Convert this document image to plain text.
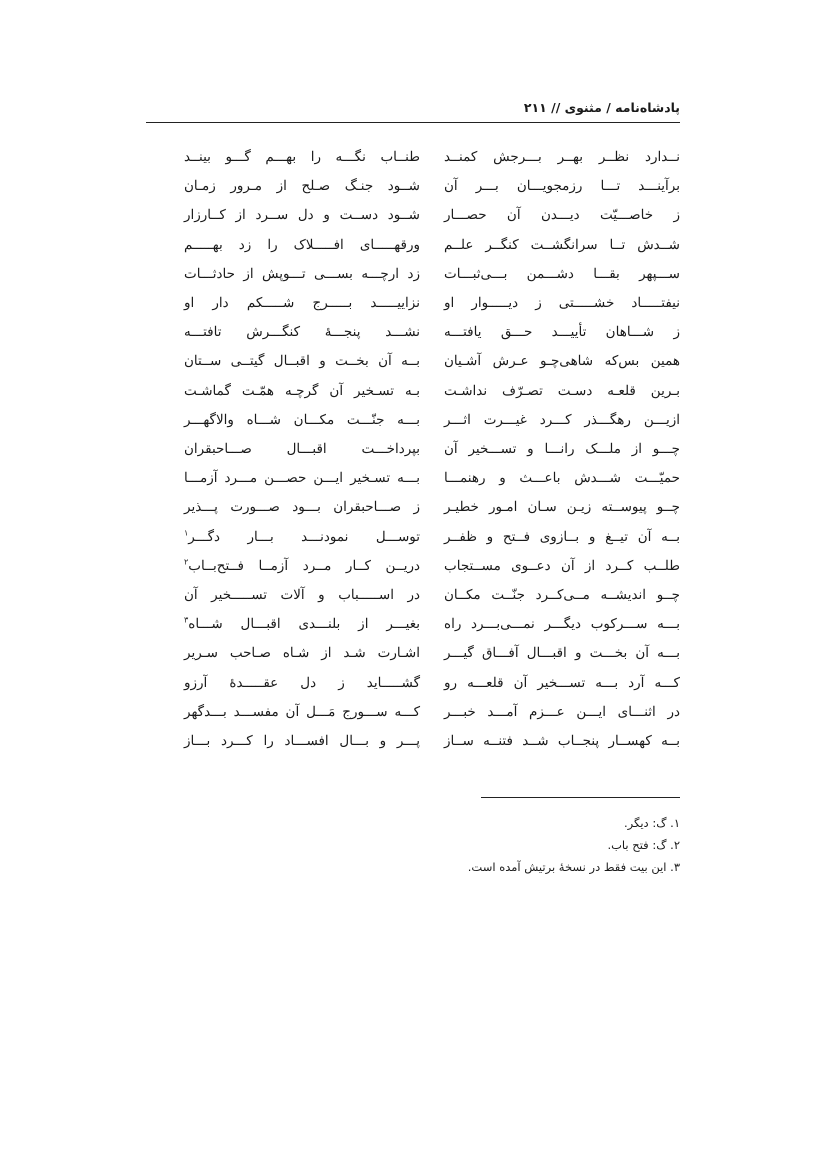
پادشاه‌نامه / مثنوی // ۲۱۱
نــدارد نظــر بهــر بـــرجش کمنــد
طنــاب نگـــه را بهـــم گـــو بینــد
برآینـــد تـــا رزمجویـــان بـــر آن
شــود جنـگ صـلح از مـرور زمـان
ز خاصـــیّت دیـــدن آن حصـــار
شــود دســت و دل ســرد از کــارزار
شــدش تــا سرانگشــت کنگــر علــم
ورقهـــــای افـــــلاک را زد بهـــــم
ســـپهر بقـــا دشـــمن بـــی‌ثبـــات
زد ارچـــه بســـی تـــوپش از حادثـــات
نیفتـــــاد خشـــــتی ز دیـــــوار او
نزاییـــــد بـــــرج شـــــکم دار او
ز شـــاهان تأییـــد حـــق یافتـــه
نشـــد پنجـــهٔ کنگـــرش تافتـــه
همین بس‌که شاهی‌چـو عـرش آشـیان
بــه آن بخــت و اقبــال گیتــی ســتان
بـرین قلعـه دسـت تصـرّف نداشـت
بـه تسـخیر آن گرچـه همّـت گماشـت
ازیـــن رهگـــذر کـــرد غیـــرت اثـــر
بـــه جنّـــت مکـــان شـــاه والاگهـــر
چـــو از ملـــک رانـــا و تســـخیر آن
بپرداخـــت اقبـــال صـــاحبقران
حمیّـــت شـــدش باعـــث و رهنمـــا
بـــه تسـخیر ایـــن حصـــن مـــرد آزمـــا
چــو پیوســته زیـن سـان امـور خطیـر
ز صـــاحبقران بـــود صـــورت پـــذیر
بــه آن تیــغ و بــازوی فــتح و ظفــر
توســـل نمودنـــد بـــار دگـــر$^۱$
طلــب کــرد از آن دعــوی مســتجاب
دریــن کــار مــرد آزمــا فــتح‌بــاب$^۲$
چــو اندیشــه مــی‌کــرد جنّــت مکــان
در اســـــباب و آلات تســـــخیر آن
بـــه ســـرکوب دیگـــر نمـــی‌بـــرد راه
بغیـــر از بلنـــدی اقبـــال شـــاه$^۳$
بـــه آن بخـــت و اقبـــال آفـــاق گیـــر
اشـارت شـد از شـاه صـاحب سـریر
کـــه آرد بـــه تســـخیر آن قلعـــه رو
گشـــــاید ز دل عقـــــدهٔ آرزو
در اثنـــای ایـــن عـــزم آمـــد خبـــر
کـــه ســـورج مَـــل آن مفســـد بـــدگهر
بــه کهســار پنجــاب شــد فتنــه ســاز
پـــر و بـــال افســـاد را کـــرد بـــاز
۱. گ: دیگر.
۲. گ: فتح باب.
۳. این بیت فقط در نسخهٔ برتیش آمده است.
